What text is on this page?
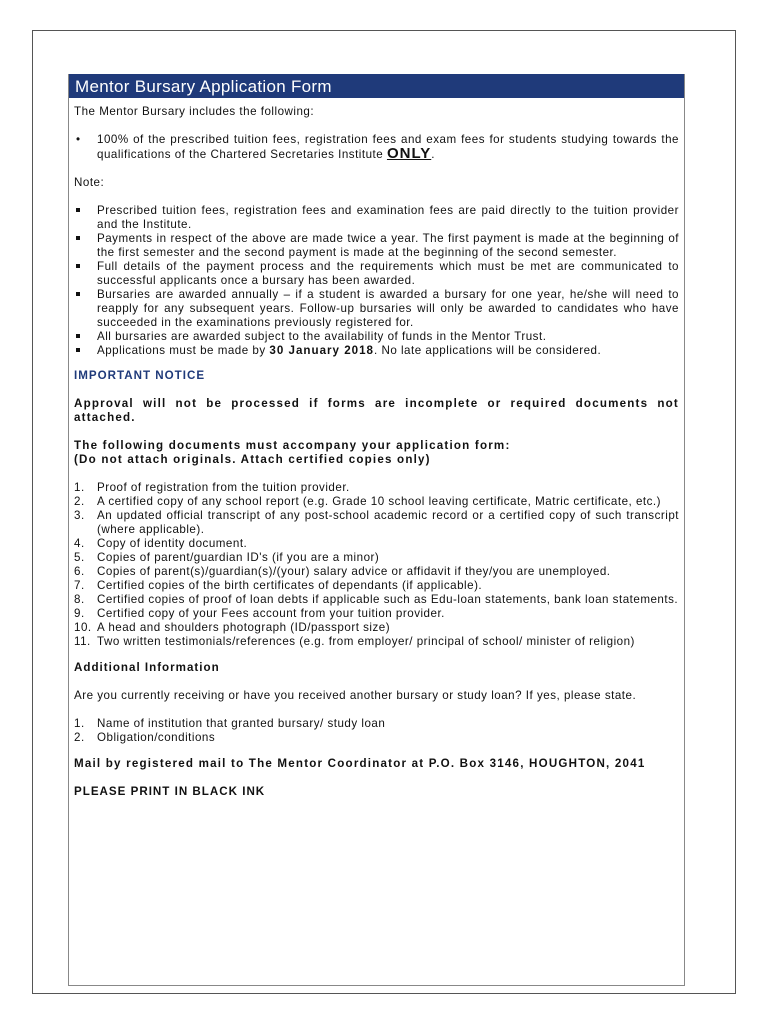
Mentor Bursary Application Form
The Mentor Bursary includes the following:
• 100% of the prescribed tuition fees, registration fees and exam fees for students studying towards the qualifications of the Chartered Secretaries Institute ONLY.
Note:
Prescribed tuition fees, registration fees and examination fees are paid directly to the tuition provider and the Institute.
Payments in respect of the above are made twice a year. The first payment is made at the beginning of the first semester and the second payment is made at the beginning of the second semester.
Full details of the payment process and the requirements which must be met are communicated to successful applicants once a bursary has been awarded.
Bursaries are awarded annually – if a student is awarded a bursary for one year, he/she will need to reapply for any subsequent years. Follow-up bursaries will only be awarded to candidates who have succeeded in the examinations previously registered for.
All bursaries are awarded subject to the availability of funds in the Mentor Trust.
Applications must be made by 30 January 2018. No late applications will be considered.
IMPORTANT NOTICE
Approval will not be processed if forms are incomplete or required documents not attached.
The following documents must accompany your application form:
(Do not attach originals. Attach certified copies only)
1. Proof of registration from the tuition provider.
2. A certified copy of any school report (e.g. Grade 10 school leaving certificate, Matric certificate, etc.)
3. An updated official transcript of any post-school academic record or a certified copy of such transcript (where applicable).
4. Copy of identity document.
5. Copies of parent/guardian ID's (if you are a minor)
6. Copies of parent(s)/guardian(s)/(your) salary advice or affidavit if they/you are unemployed.
7. Certified copies of the birth certificates of dependants (if applicable).
8. Certified copies of proof of loan debts if applicable such as Edu-loan statements, bank loan statements.
9. Certified copy of your Fees account from your tuition provider.
10. A head and shoulders photograph (ID/passport size)
11. Two written testimonials/references (e.g. from employer/ principal of school/ minister of religion)
Additional Information
Are you currently receiving or have you received another bursary or study loan? If yes, please state.
1. Name of institution that granted bursary/ study loan
2. Obligation/conditions
Mail by registered mail to The Mentor Coordinator at P.O. Box 3146, HOUGHTON, 2041
PLEASE PRINT IN BLACK INK
